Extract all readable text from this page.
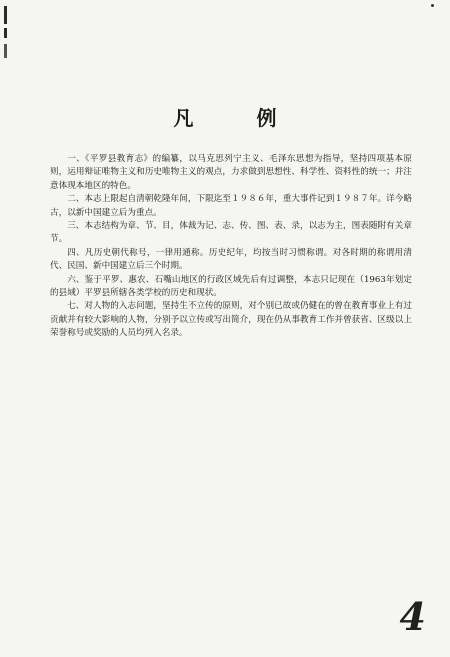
凡 例

一、《平罗县教育志》的编纂，以马克思列宁主义、毛泽东思想为指导，坚持四项基本原则，运用辩证唯物主义和历史唯物主义的观点，力求做到思想性、科学性、资料性的统一；并注意体现本地区的特色。

二、本志上限起自清朝乾隆年间，下限迄至１９８６年，重大事件记到１９８７年。详今略古，以新中国建立后为重点。

三、本志结构为章、节、目，体裁为记、志、传、图、表、录，以志为主，图表随附有关章节。

四、凡历史朝代称号，一律用通称。历史纪年，均按当时习惯称谓。对各时期的称谓用清代、民国、新中国建立后三个时期。

六、鉴于平罗、惠农、石嘴山地区的行政区域先后有过调整，本志只记现在（1963年划定的县域）平罗县所辖各类学校的历史和现状。

七、对人物的入志问题，坚持生不立传的原则，对个别已故或仍健在的曾在教育事业上有过贡献并有较大影响的人物，分别予以立传或写出简介，现在仍从事教育工作并曾获省、区级以上荣誉称号或奖励的人员均列入名录。

4
